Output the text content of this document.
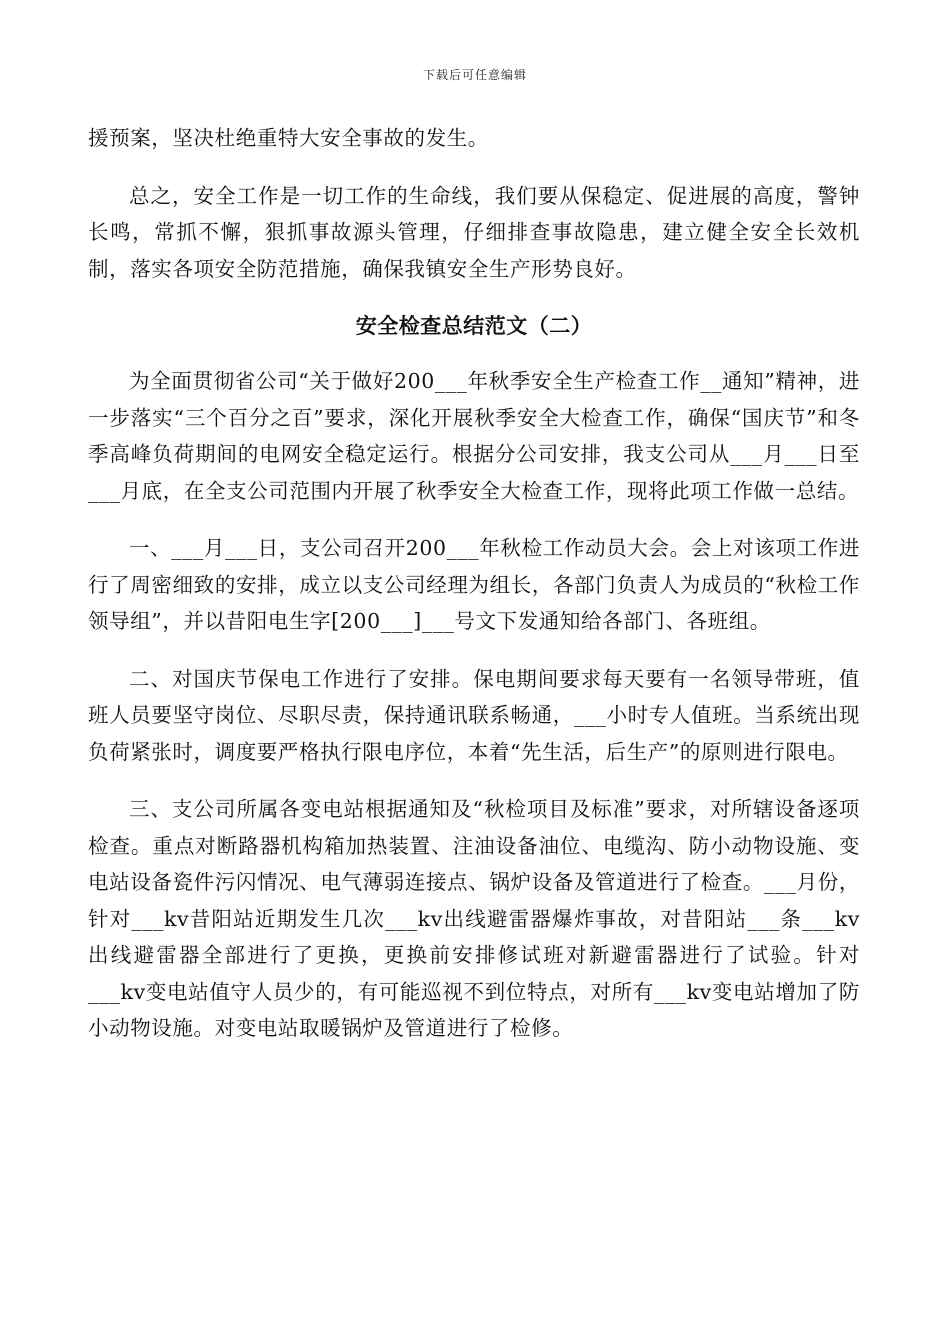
下载后可任意编辑

援预案，坚决杜绝重特大安全事故的发生。

总之，安全工作是一切工作的生命线，我们要从保稳定、促进展的高度，警钟长鸣，常抓不懈，狠抓事故源头管理，仔细排查事故隐患，建立健全安全长效机制，落实各项安全防范措施，确保我镇安全生产形势良好。

安全检查总结范文（二）

为全面贯彻省公司“关于做好200___年秋季安全生产检查工作__通知”精神，进一步落实“三个百分之百”要求，深化开展秋季安全大检查工作，确保“国庆节”和冬季高峰负荷期间的电网安全稳定运行。根据分公司安排，我支公司从___月___日至___月底，在全支公司范围内开展了秋季安全大检查工作，现将此项工作做一总结。

一、___月___日，支公司召开200___年秋检工作动员大会。会上对该项工作进行了周密细致的安排，成立以支公司经理为组长，各部门负责人为成员的“秋检工作领导组”，并以昔阳电生字[200___]___号文下发通知给各部门、各班组。

二、对国庆节保电工作进行了安排。保电期间要求每天要有一名领导带班，值班人员要坚守岗位、尽职尽责，保持通讯联系畅通，___小时专人值班。当系统出现负荷紧张时，调度要严格执行限电序位，本着“先生活，后生产”的原则进行限电。

三、支公司所属各变电站根据通知及“秋检项目及标准”要求，对所辖设备逐项检查。重点对断路器机构箱加热装置、注油设备油位、电缆沟、防小动物设施、变电站设备瓷件污闪情况、电气薄弱连接点、锅炉设备及管道进行了检查。___月份，针对___kv昔阳站近期发生几次___kv出线避雷器爆炸事故，对昔阳站___条___kv出线避雷器全部进行了更换，更换前安排修试班对新避雷器进行了试验。针对___kv变电站值守人员少的，有可能巡视不到位特点，对所有___kv变电站增加了防小动物设施。对变电站取暖锅炉及管道进行了检修。
